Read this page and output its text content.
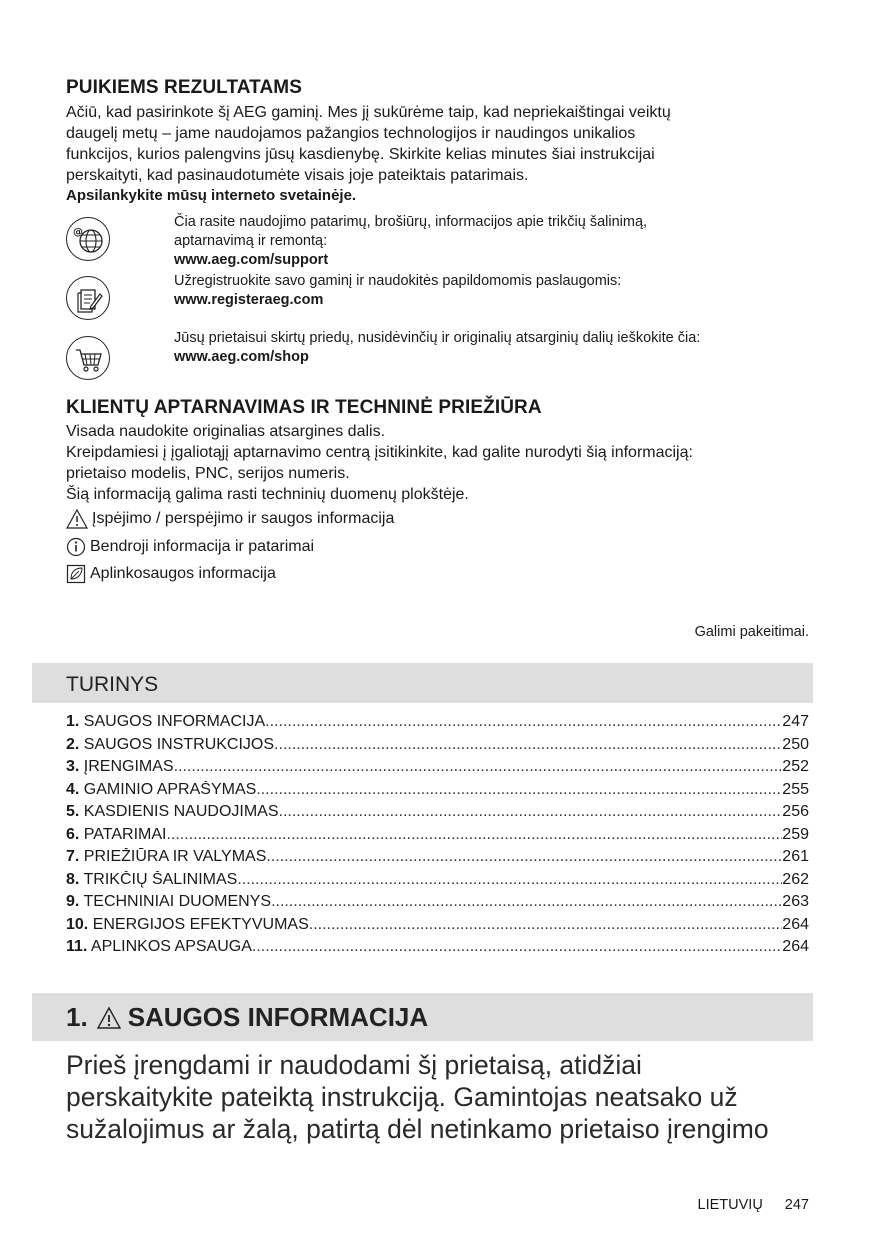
PUIKIEMS REZULTATAMS
Ačiū, kad pasirinkote šį AEG gaminį. Mes jį sukūrėme taip, kad nepriekaištingai veiktų
daugelį metų – jame naudojamos pažangios technologijos ir naudingos unikalios
funkcijos, kurios palengvins jūsų kasdienybę. Skirkite kelias minutes šiai instrukcijai
perskaityti, kad pasinaudotumėte visais joje pateiktais patarimais.
Apsilankykite mūsų interneto svetainėje.
@
Čia rasite naudojimo patarimų, brošiūrų, informacijos apie trikčių šalinimą,
aptarnavimą ir remontą:
www.aeg.com/support
Užregistruokite savo gaminį ir naudokitės papildomomis paslaugomis:
www.registeraeg.com
Jūsų prietaisui skirtų priedų, nusidėvinčių ir originalių atsarginių dalių ieškokite čia:
www.aeg.com/shop
KLIENTŲ APTARNAVIMAS IR TECHNINĖ PRIEŽIŪRA
Visada naudokite originalias atsargines dalis.
Kreipdamiesi į įgaliotąjį aptarnavimo centrą įsitikinkite, kad galite nurodyti šią informaciją:
prietaiso modelis, PNC, serijos numeris.
Šią informaciją galima rasti techninių duomenų plokštėje.
Įspėjimo / perspėjimo ir saugos informacija
Bendroji informacija ir patarimai
Aplinkosaugos informacija
Galimi pakeitimai.
TURINYS
1. SAUGOS INFORMACIJA .....	247
2. SAUGOS INSTRUKCIJOS .....	250
3. ĮRENGIMAS .....	252
4. GAMINIO APRAŠYMAS .....	255
5. KASDIENIS NAUDOJIMAS .....	256
6. PATARIMAI .....	259
7. PRIEŽIŪRA IR VALYMAS .....	261
8. TRIKČIŲ ŠALINIMAS .....	262
9. TECHNINIAI DUOMENYS .....	263
10. ENERGIJOS EFEKTYVUMAS .....	264
11. APLINKOS APSAUGA .....	264
1. SAUGOS INFORMACIJA
Prieš įrengdami ir naudodami šį prietaisą, atidžiai
perskaitykite pateiktą instrukciją. Gamintojas neatsako už
sužalojimus ar žalą, patirtą dėl netinkamo prietaiso įrengimo
LIETUVIŲ 247
